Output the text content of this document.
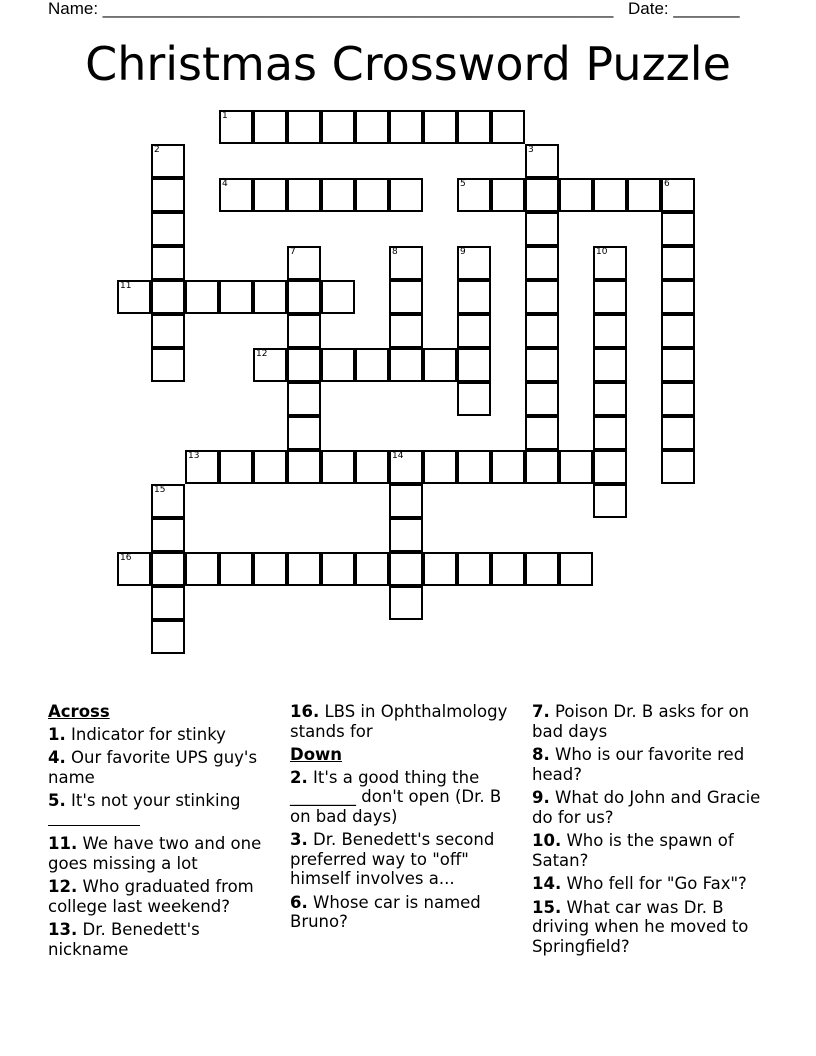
Name: ______________________________________________________ Date: _______
Christmas Crossword Puzzle
1
2	3
4	5	6
7	8	9	10
11
12
13	14
15
16
Across
1. Indicator for stinky
4. Our favorite UPS guy's name
5. It's not your stinking

11. We have two and one goes missing a lot
12. Who graduated from college last weekend?
13. Dr. Benedett's nickname
16. LBS in Ophthalmology stands for
Down
2. It's a good thing the ________ don't open (Dr. B on bad days)
3. Dr. Benedett's second preferred way to "off" himself involves a...
6. Whose car is named Bruno?
7. Poison Dr. B asks for on bad days
8. Who is our favorite red head?
9. What do John and Gracie do for us?
10. Who is the spawn of Satan?
14. Who fell for "Go Fax"?
15. What car was Dr. B driving when he moved to Springfield?
